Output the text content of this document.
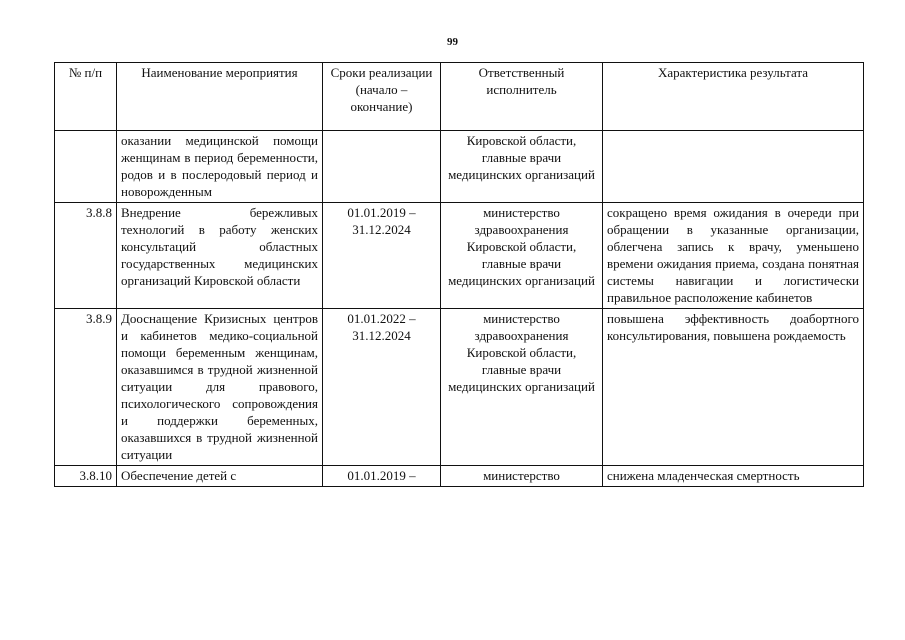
99
№ п/п	Наименование мероприятия	Сроки реализации (начало – окончание)	Ответственный исполнитель	Характеристика результата
	оказании медицинской помощи женщинам в период беременности, родов и в послеродовый период и новорожденным		Кировской области, главные врачи медицинских организаций	
3.8.8	Внедрение бережливых технологий в работу женских консультаций областных государственных медицинских организаций Кировской области	01.01.2019 – 31.12.2024	министерство здравоохранения Кировской области, главные врачи медицинских организаций	сокращено время ожидания в очереди при обращении в указанные организации, облегчена запись к врачу, уменьшено времени ожидания приема, создана понятная системы навигации и логистически правильное расположение кабинетов
3.8.9	Дооснащение Кризисных центров и кабинетов медико-социальной помощи беременным женщинам, оказавшимся в трудной жизненной ситуации для правового, психологического сопровождения и поддержки беременных, оказавшихся в трудной жизненной ситуации	01.01.2022 – 31.12.2024	министерство здравоохранения Кировской области, главные врачи медицинских организаций	повышена эффективность доабортного консультирования, повышена рождаемость
3.8.10	Обеспечение детей с	01.01.2019 –	министерство	снижена младенческая смертность
